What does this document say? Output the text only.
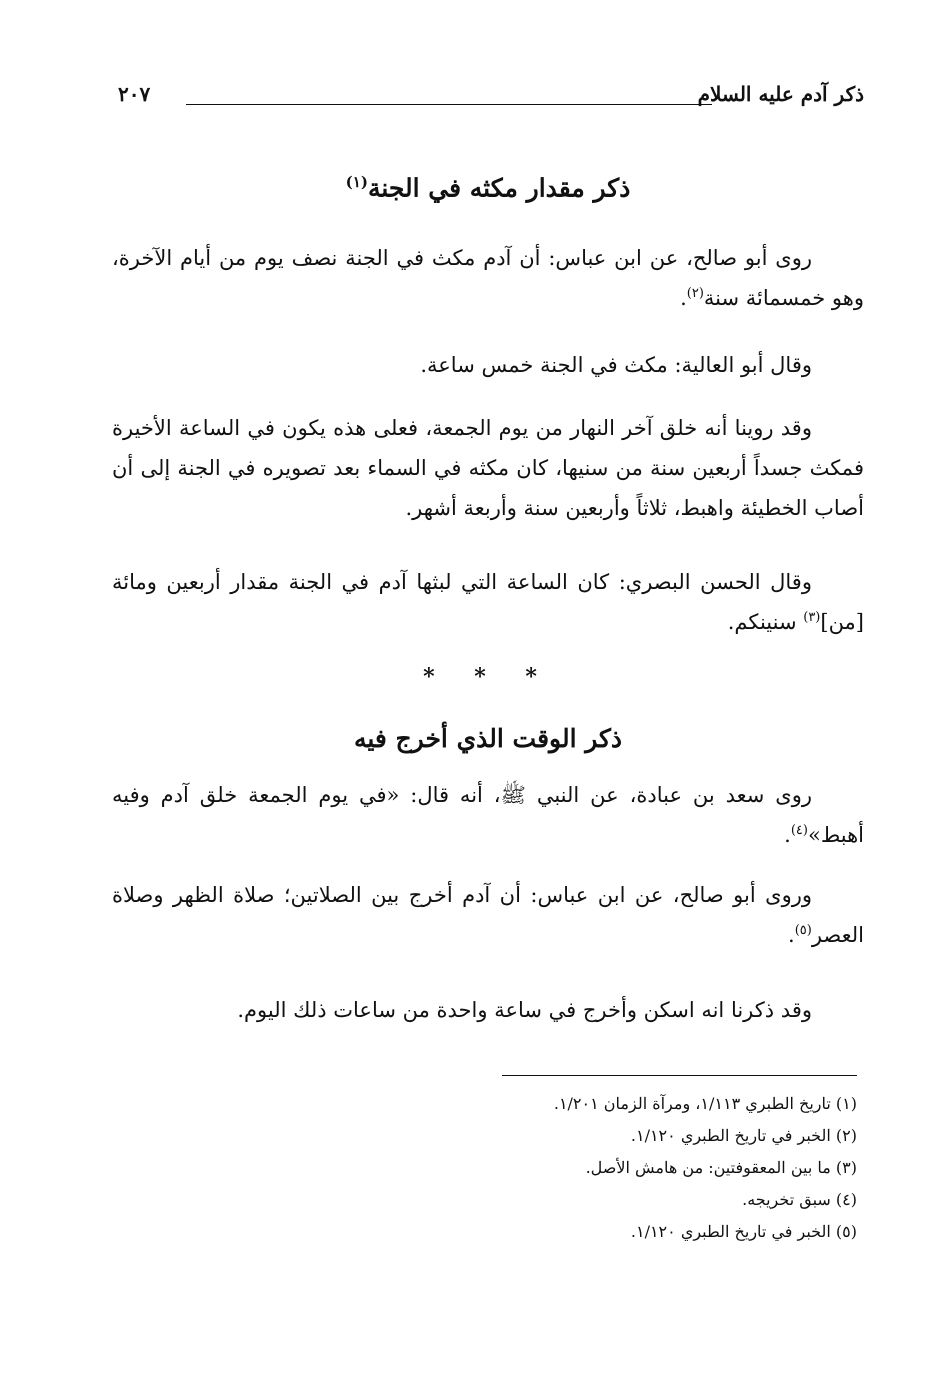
ذكر آدم عليه السلام
٢٠٧
ذكر مقدار مكثه في الجنة$^{(١)}$

روى أبو صالح، عن ابن عباس: أن آدم مكث في الجنة نصف يوم من أيام الآخرة، وهو خمسمائة سنة$^{(٢)}$.

وقال أبو العالية: مكث في الجنة خمس ساعة.

وقد روينا أنه خلق آخر النهار من يوم الجمعة، فعلى هذه يكون في الساعة الأخيرة فمكث جسداً أربعين سنة من سنيها، كان مكثه في السماء بعد تصويره في الجنة إلى أن أصاب الخطيئة واهبط، ثلاثاً وأربعين سنة وأربعة أشهر.

وقال الحسن البصري: كان الساعة التي لبثها آدم في الجنة مقدار أربعين ومائة [من]$^{(٣)}$ سنينكم.

* * *
ذكر الوقت الذي أخرج فيه

روى سعد بن عبادة، عن النبي ﷺ، أنه قال: «في يوم الجمعة خلق آدم وفيه أهبط»$^{(٤)}$.

وروى أبو صالح، عن ابن عباس: أن آدم أخرج بين الصلاتين؛ صلاة الظهر وصلاة العصر$^{(٥)}$.

وقد ذكرنا انه اسكن وأخرج في ساعة واحدة من ساعات ذلك اليوم.

(١) تاريخ الطبري ١/١١٣، ومرآة الزمان ١/٢٠١.
(٢) الخبر في تاريخ الطبري ١/١٢٠.
(٣) ما بين المعقوفتين: من هامش الأصل.
(٤) سبق تخريجه.
(٥) الخبر في تاريخ الطبري ١/١٢٠.
